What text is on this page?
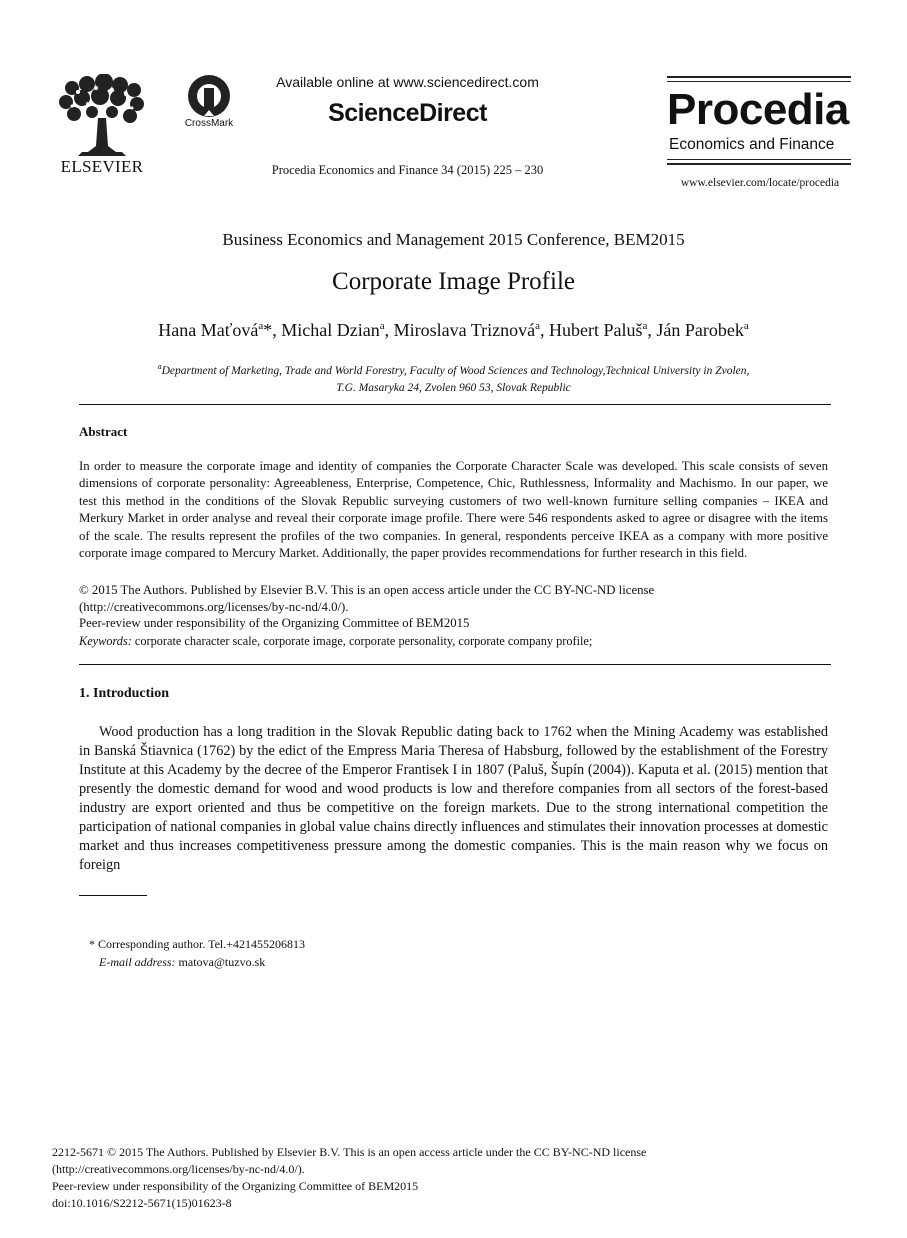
ELSEVIER
CrossMark
Available online at www.sciencedirect.com
ScienceDirect
Procedia Economics and Finance 34 (2015) 225 – 230
Procedia
Economics and Finance
www.elsevier.com/locate/procedia
Business Economics and Management 2015 Conference, BEM2015
Corporate Image Profile
Hana Maťová$^a$*, Michal Dzian$^a$, Miroslava Triznová$^a$, Hubert Paluš$^a$, Ján Parobek$^a$
$^a$Department of Marketing, Trade and World Forestry, Faculty of Wood Sciences and Technology,Technical University in Zvolen,
T.G. Masaryka 24, Zvolen 960 53, Slovak Republic
Abstract
In order to measure the corporate image and identity of companies the Corporate Character Scale was developed. This scale consists of seven dimensions of corporate personality: Agreeableness, Enterprise, Competence, Chic, Ruthlessness, Informality and Machismo. In our paper, we test this method in the conditions of the Slovak Republic surveying customers of two well-known furniture selling companies – IKEA and Merkury Market in order analyse and reveal their corporate image profile. There were 546 respondents asked to agree or disagree with the items of the scale. The results represent the profiles of the two companies. In general, respondents perceive IKEA as a company with more positive corporate image compared to Mercury Market. Additionally, the paper provides recommendations for further research in this field.
© 2015 The Authors. Published by Elsevier B.V. This is an open access article under the CC BY-NC-ND license
(http://creativecommons.org/licenses/by-nc-nd/4.0/).
Peer-review under responsibility of the Organizing Committee of BEM2015
Keywords: corporate character scale, corporate image, corporate personality, corporate company profile;
1. Introduction
Wood production has a long tradition in the Slovak Republic dating back to 1762 when the Mining Academy was established in Banská Štiavnica (1762) by the edict of the Empress Maria Theresa of Habsburg, followed by the establishment of the Forestry Institute at this Academy by the decree of the Emperor Frantisek I in 1807 (Paluš, Šupín (2004)). Kaputa et al. (2015) mention that presently the domestic demand for wood and wood products is low and therefore companies from all sectors of the forest-based industry are export oriented and thus be competitive on the foreign markets. Due to the strong international competition the participation of national companies in global value chains directly influences and stimulates their innovation processes at domestic market and thus increases competitiveness pressure among the domestic companies. This is the main reason why we focus on foreign
* Corresponding author. Tel.+421455206813
E-mail address: matova@tuzvo.sk
2212-5671 © 2015 The Authors. Published by Elsevier B.V. This is an open access article under the CC BY-NC-ND license
(http://creativecommons.org/licenses/by-nc-nd/4.0/).
Peer-review under responsibility of the Organizing Committee of BEM2015
doi:10.1016/S2212-5671(15)01623-8
